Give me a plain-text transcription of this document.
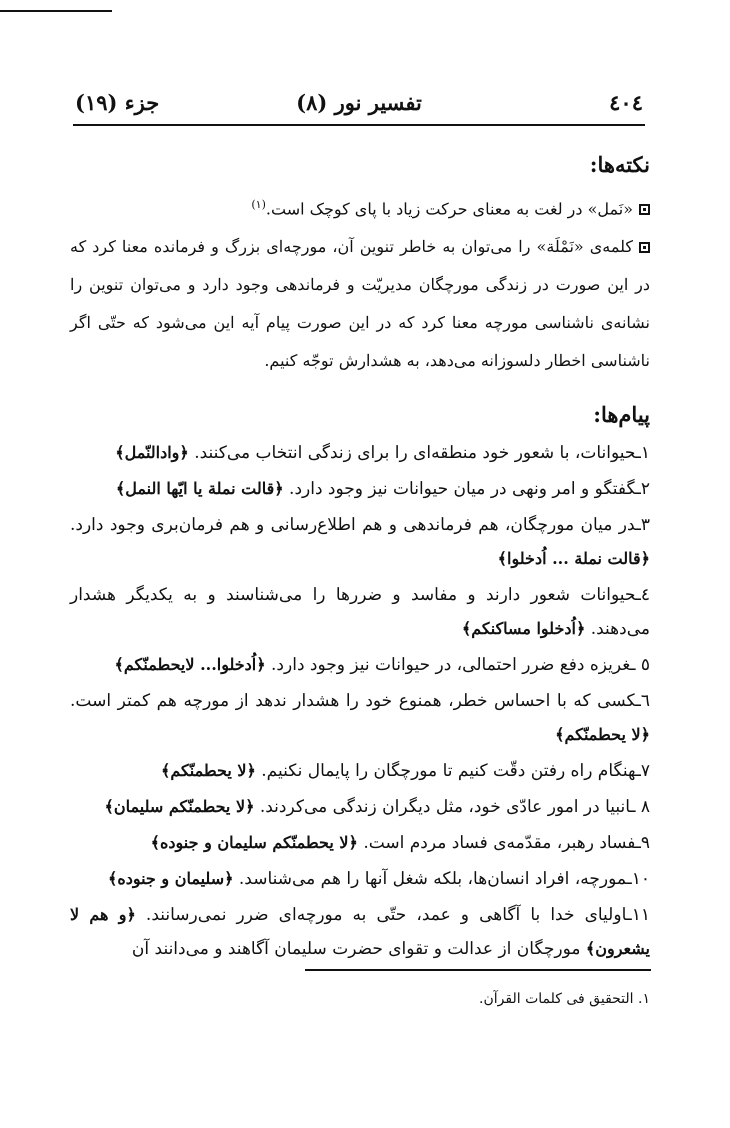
٤٠٤
تفسیر نور (٨)
جزء (١٩)
نکته‌ها:

«نَمل» در لغت به معنای حرکت زیاد با پای کوچک است.$^{(١)}$

کلمه‌ی «نَمْلَة» را می‌توان به خاطر تنوین آن، مورچه‌ای بزرگ و فرمانده معنا کرد که در این صورت در زندگی مورچگان مدیریّت و فرماندهی وجود دارد و می‌توان تنوین را نشانه‌ی ناشناسی مورچه معنا کرد که در این صورت پیام آیه این می‌شود که حتّی اگر ناشناسی اخطار دلسوزانه می‌دهد، به هشدارش توجّه کنیم.

پیام‌ها:

١ـحیوانات، با شعور خود منطقه‌ای را برای زندگی انتخاب می‌کنند. ﴿وادالنّمل﴾

٢ـگفتگو و امر ونهی در میان حیوانات نیز وجود دارد. ﴿قالت نملة یا ایّها النمل﴾

٣ـدر میان مورچگان، هم فرماندهی و هم اطلاع‌رسانی و هم فرمان‌بری وجود دارد. ﴿قالت نملة ... اُدخلوا﴾

٤ـحیوانات شعور دارند و مفاسد و ضررها را می‌شناسند و به یکدیگر هشدار می‌دهند. ﴿اُدخلوا مساکنکم﴾

٥ ـغریزه دفع ضرر احتمالی، در حیوانات نیز وجود دارد. ﴿اُدخلوا... لایحطمنّکم﴾

٦ـکسی که با احساس خطر، همنوع خود را هشدار ندهد از مورچه هم کمتر است. ﴿لا یحطمنّکم﴾

٧ـهنگام راه رفتن دقّت کنیم تا مورچگان را پایمال نکنیم. ﴿لا یحطمنّکم﴾

٨ ـانبیا در امور عادّی خود، مثل دیگران زندگی می‌کردند. ﴿لا یحطمنّکم سلیمان﴾

٩ـفساد رهبر، مقدّمه‌ی فساد مردم است. ﴿لا یحطمنّکم سلیمان و جنوده﴾

١٠ـمورچه، افراد انسان‌ها، بلکه شغل آنها را هم می‌شناسد. ﴿سلیمان و جنوده﴾

١١ـاولیای خدا با آگاهی و عمد، حتّی به مورچه‌ای ضرر نمی‌رسانند. ﴿و هم لا یشعرون﴾ مورچگان از عدالت و تقوای حضرت سلیمان آگاهند و می‌دانند آن

١. التحقیق فی کلمات القرآن.
